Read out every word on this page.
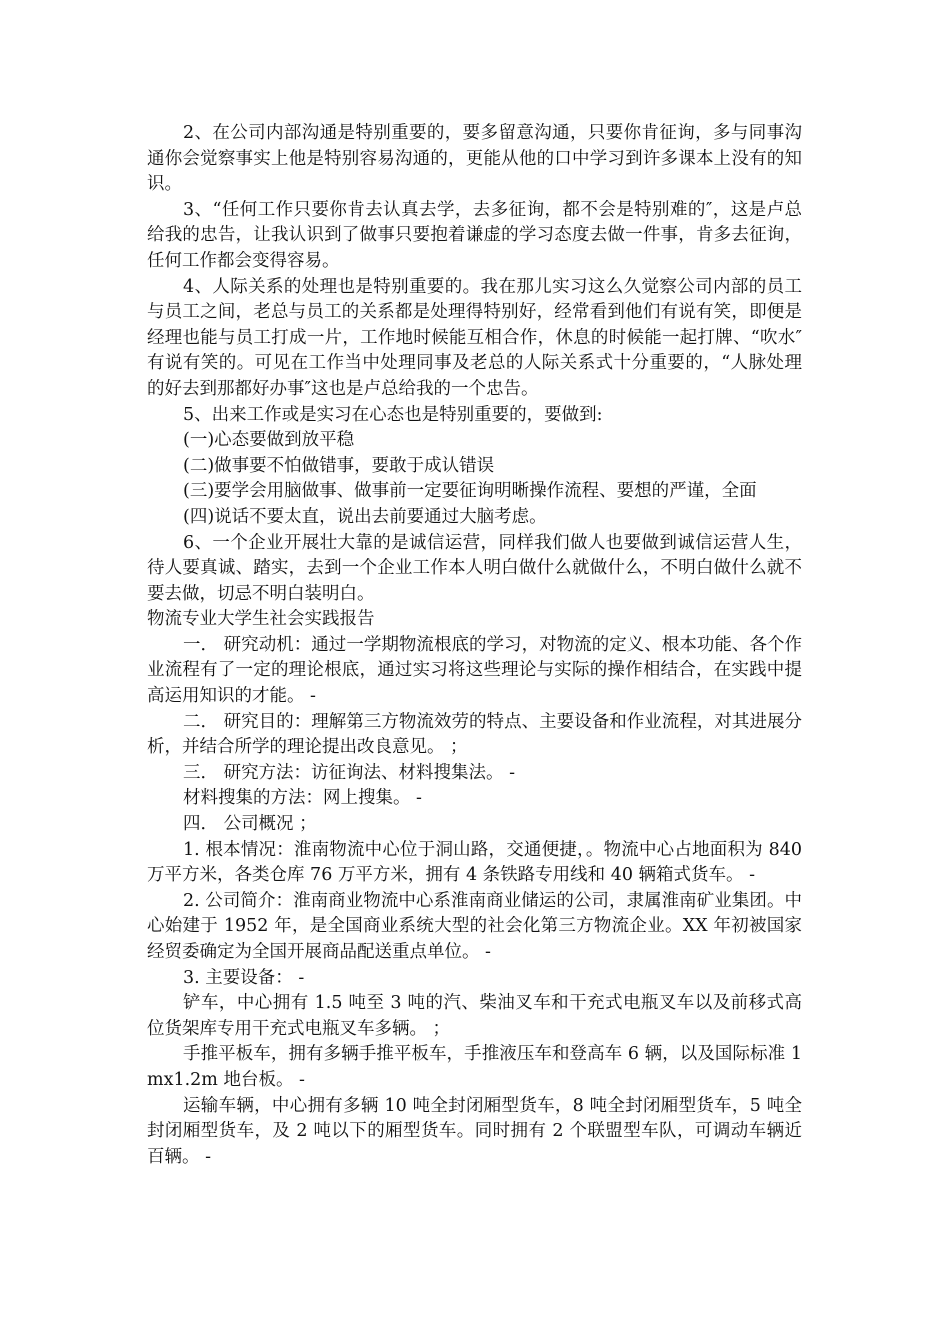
2、在公司内部沟通是特别重要的，要多留意沟通，只要你肯征询，多与同事沟通你会觉察事实上他是特别容易沟通的，更能从他的口中学习到许多课本上没有的知识。

3、“任何工作只要你肯去认真去学，去多征询，都不会是特别难的″，这是卢总给我的忠告，让我认识到了做事只要抱着谦虚的学习态度去做一件事，肯多去征询，任何工作都会变得容易。

4、人际关系的处理也是特别重要的。我在那儿实习这么久觉察公司内部的员工与员工之间，老总与员工的关系都是处理得特别好，经常看到他们有说有笑，即便是经理也能与员工打成一片，工作地时候能互相合作，休息的时候能一起打牌、“吹水″有说有笑的。可见在工作当中处理同事及老总的人际关系式十分重要的，“人脉处理的好去到那都好办事″这也是卢总给我的一个忠告。

5、出来工作或是实习在心态也是特别重要的，要做到:

(一)心态要做到放平稳

(二)做事要不怕做错事，要敢于成认错误

(三)要学会用脑做事、做事前一定要征询明晰操作流程、要想的严谨，全面

(四)说话不要太直，说出去前要通过大脑考虑。

6、一个企业开展壮大靠的是诚信运营，同样我们做人也要做到诚信运营人生，待人要真诚、踏实，去到一个企业工作本人明白做什么就做什么，不明白做什么就不要去做，切忌不明白装明白。

物流专业大学生社会实践报告

一． 研究动机：通过一学期物流根底的学习，对物流的定义、根本功能、各个作业流程有了一定的理论根底，通过实习将这些理论与实际的操作相结合，在实践中提高运用知识的才能。 -

二． 研究目的：理解第三方物流效劳的特点、主要设备和作业流程，对其进展分析，并结合所学的理论提出改良意见。 ；

三． 研究方法：访征询法、材料搜集法。 -

材料搜集的方法：网上搜集。 -

四． 公司概况 ；

1. 根本情况：淮南物流中心位于洞山路，交通便捷，。物流中心占地面积为 840 万平方米，各类仓库 76 万平方米，拥有 4 条铁路专用线和 40 辆箱式货车。 -

2. 公司简介：淮南商业物流中心系淮南商业储运的公司，隶属淮南矿业集团。中心始建于 1952 年，是全国商业系统大型的社会化第三方物流企业。XX 年初被国家经贸委确定为全国开展商品配送重点单位。 -

3. 主要设备： -

铲车，中心拥有 1.5 吨至 3 吨的汽、柴油叉车和干充式电瓶叉车以及前移式高位货架库专用干充式电瓶叉车多辆。 ；

手推平板车，拥有多辆手推平板车，手推液压车和登高车 6 辆，以及国际标准 1mx1.2m 地台板。 -

运输车辆，中心拥有多辆 10 吨全封闭厢型货车，8 吨全封闭厢型货车，5 吨全封闭厢型货车，及 2 吨以下的厢型货车。同时拥有 2 个联盟型车队，可调动车辆近百辆。 -
